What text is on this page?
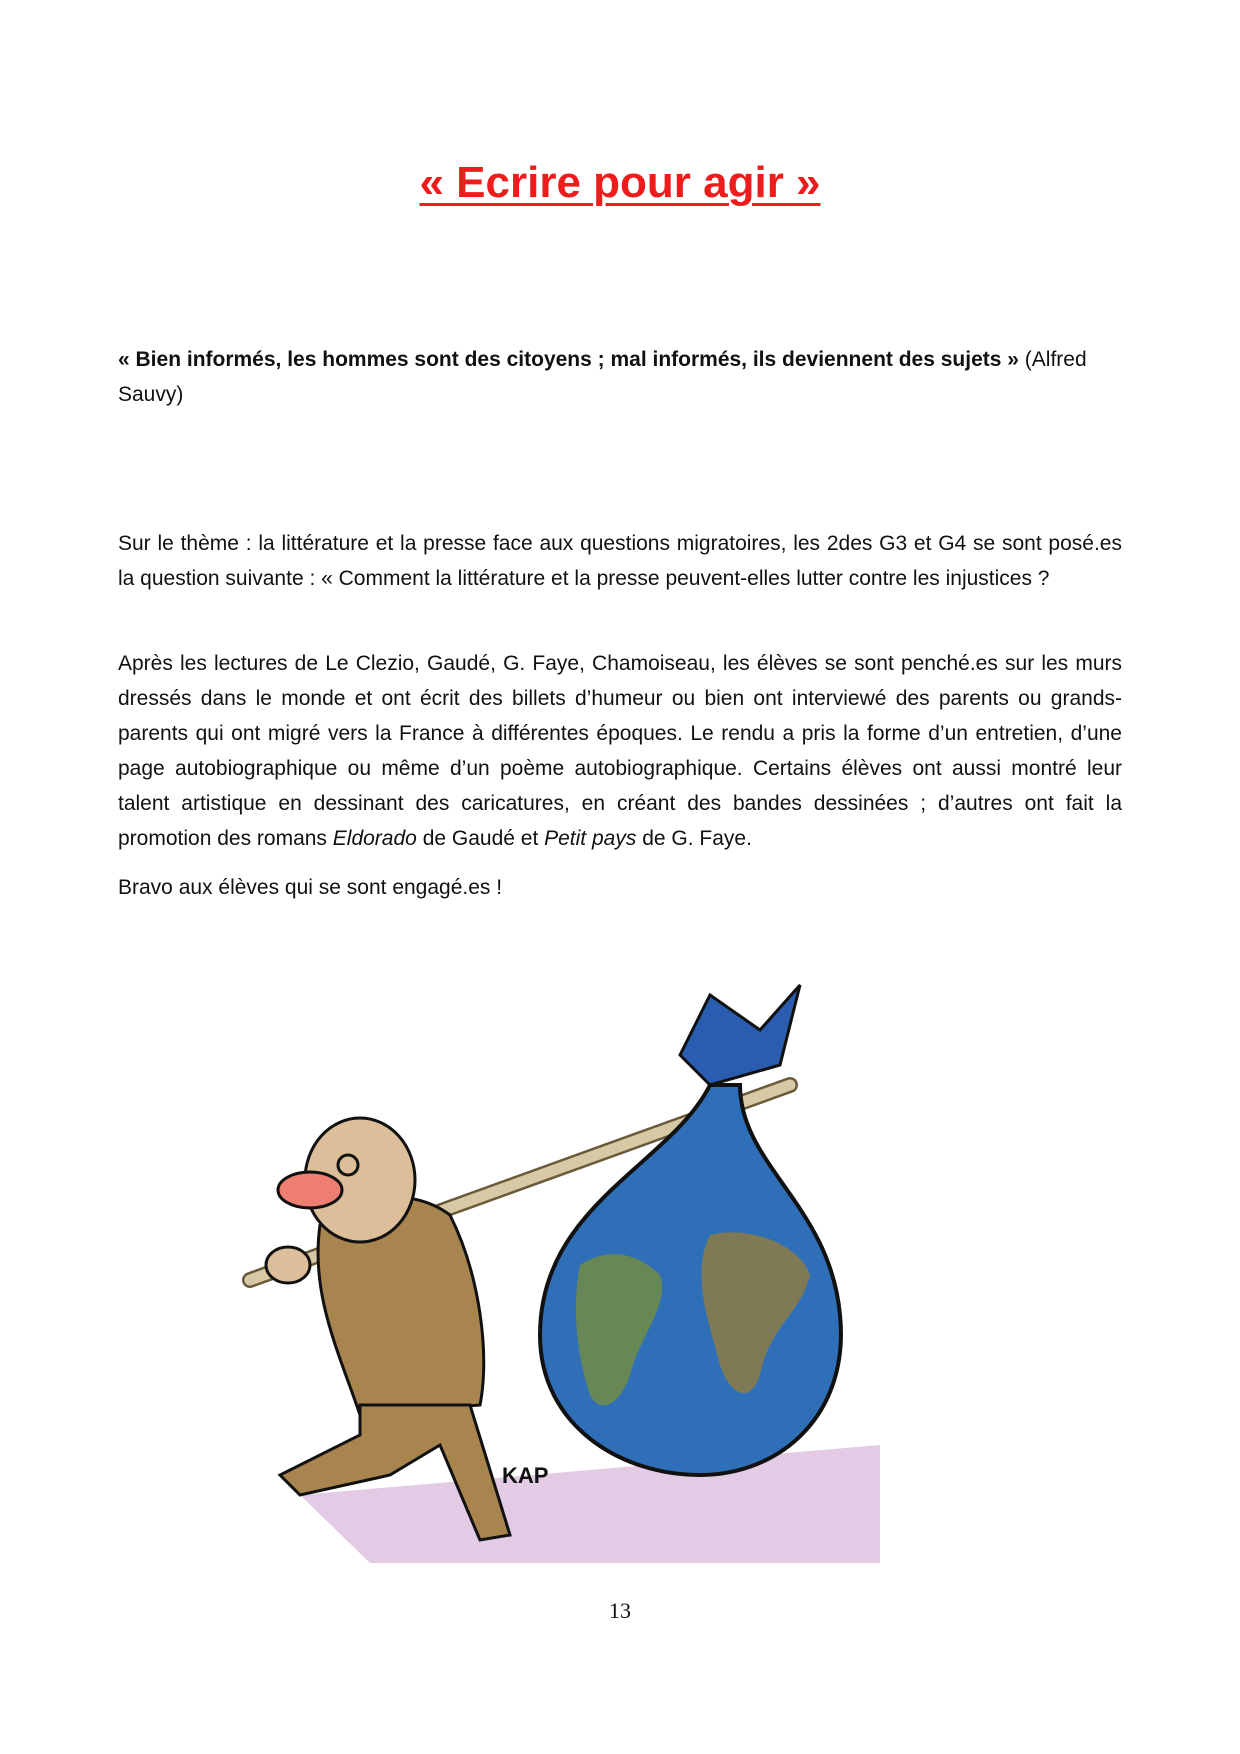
« Ecrire pour agir »

« Bien informés, les hommes sont des citoyens ; mal informés, ils deviennent des sujets » (Alfred Sauvy)

Sur le thème : la littérature et la presse face aux questions migratoires, les 2des G3 et G4 se sont posé.es la question suivante : « Comment la littérature et la presse peuvent-elles lutter contre les injustices ?

Après les lectures de Le Clezio, Gaudé, G. Faye, Chamoiseau, les élèves se sont penché.es sur les murs dressés dans le monde et ont écrit des billets d’humeur ou bien ont interviewé des parents ou grands-parents qui ont migré vers la France à différentes époques. Le rendu a pris la forme d’un entretien, d’une page autobiographique ou même d’un poème autobiographique. Certains élèves ont aussi montré leur talent artistique en dessinant des caricatures, en créant des bandes dessinées ; d’autres ont fait la promotion des romans Eldorado de Gaudé et Petit pays de G. Faye.

Bravo aux élèves qui se sont engagé.es !

KAP
13
